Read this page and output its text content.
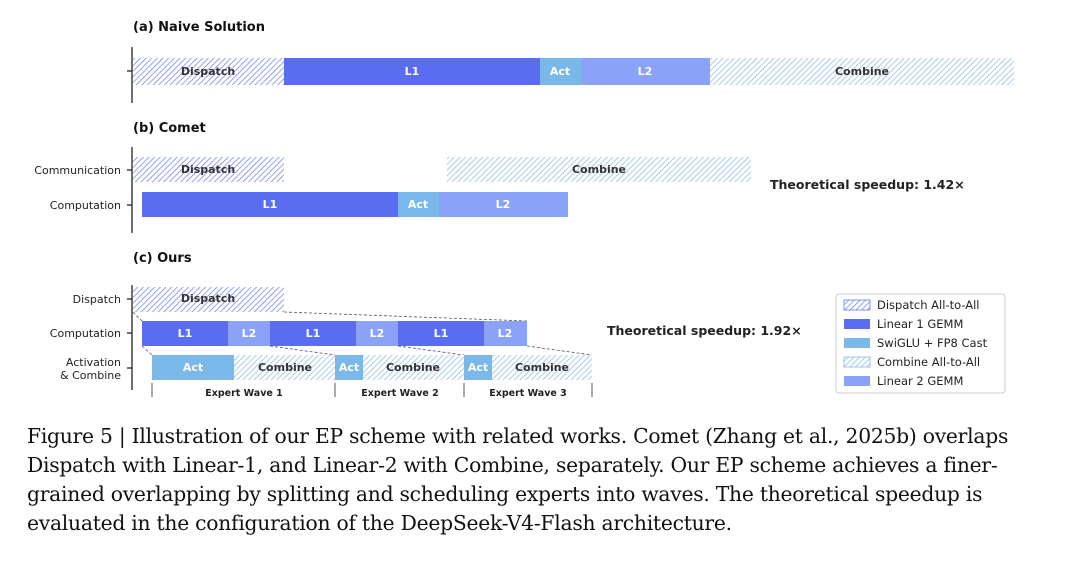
(a) Naive Solution
Dispatch	L1	Act	L2	Combine
(b) Comet
Communication
Computation
Dispatch	Combine
L1	Act	L2
Theoretical speedup: 1.42×
(c) Ours
Dispatch
Computation
Activation
& Combine
Dispatch
L1	L2	L1	L2	L1	L2
Act	Combine Act Combine	Act Combine
Expert Wave 1	Expert Wave 2	Expert Wave 3
Theoretical speedup: 1.92×
Dispatch All-to-All
Linear 1 GEMM
SwiGLU + FP8 Cast
Combine All-to-All
Linear 2 GEMM

Figure 5 | Illustration of our EP scheme with related works. Comet (Zhang et al., 2025b) overlaps Dispatch with Linear-1, and Linear-2 with Combine, separately. Our EP scheme achieves a finer-grained overlapping by splitting and scheduling experts into waves. The theoretical speedup is evaluated in the configuration of the DeepSeek-V4-Flash architecture.
